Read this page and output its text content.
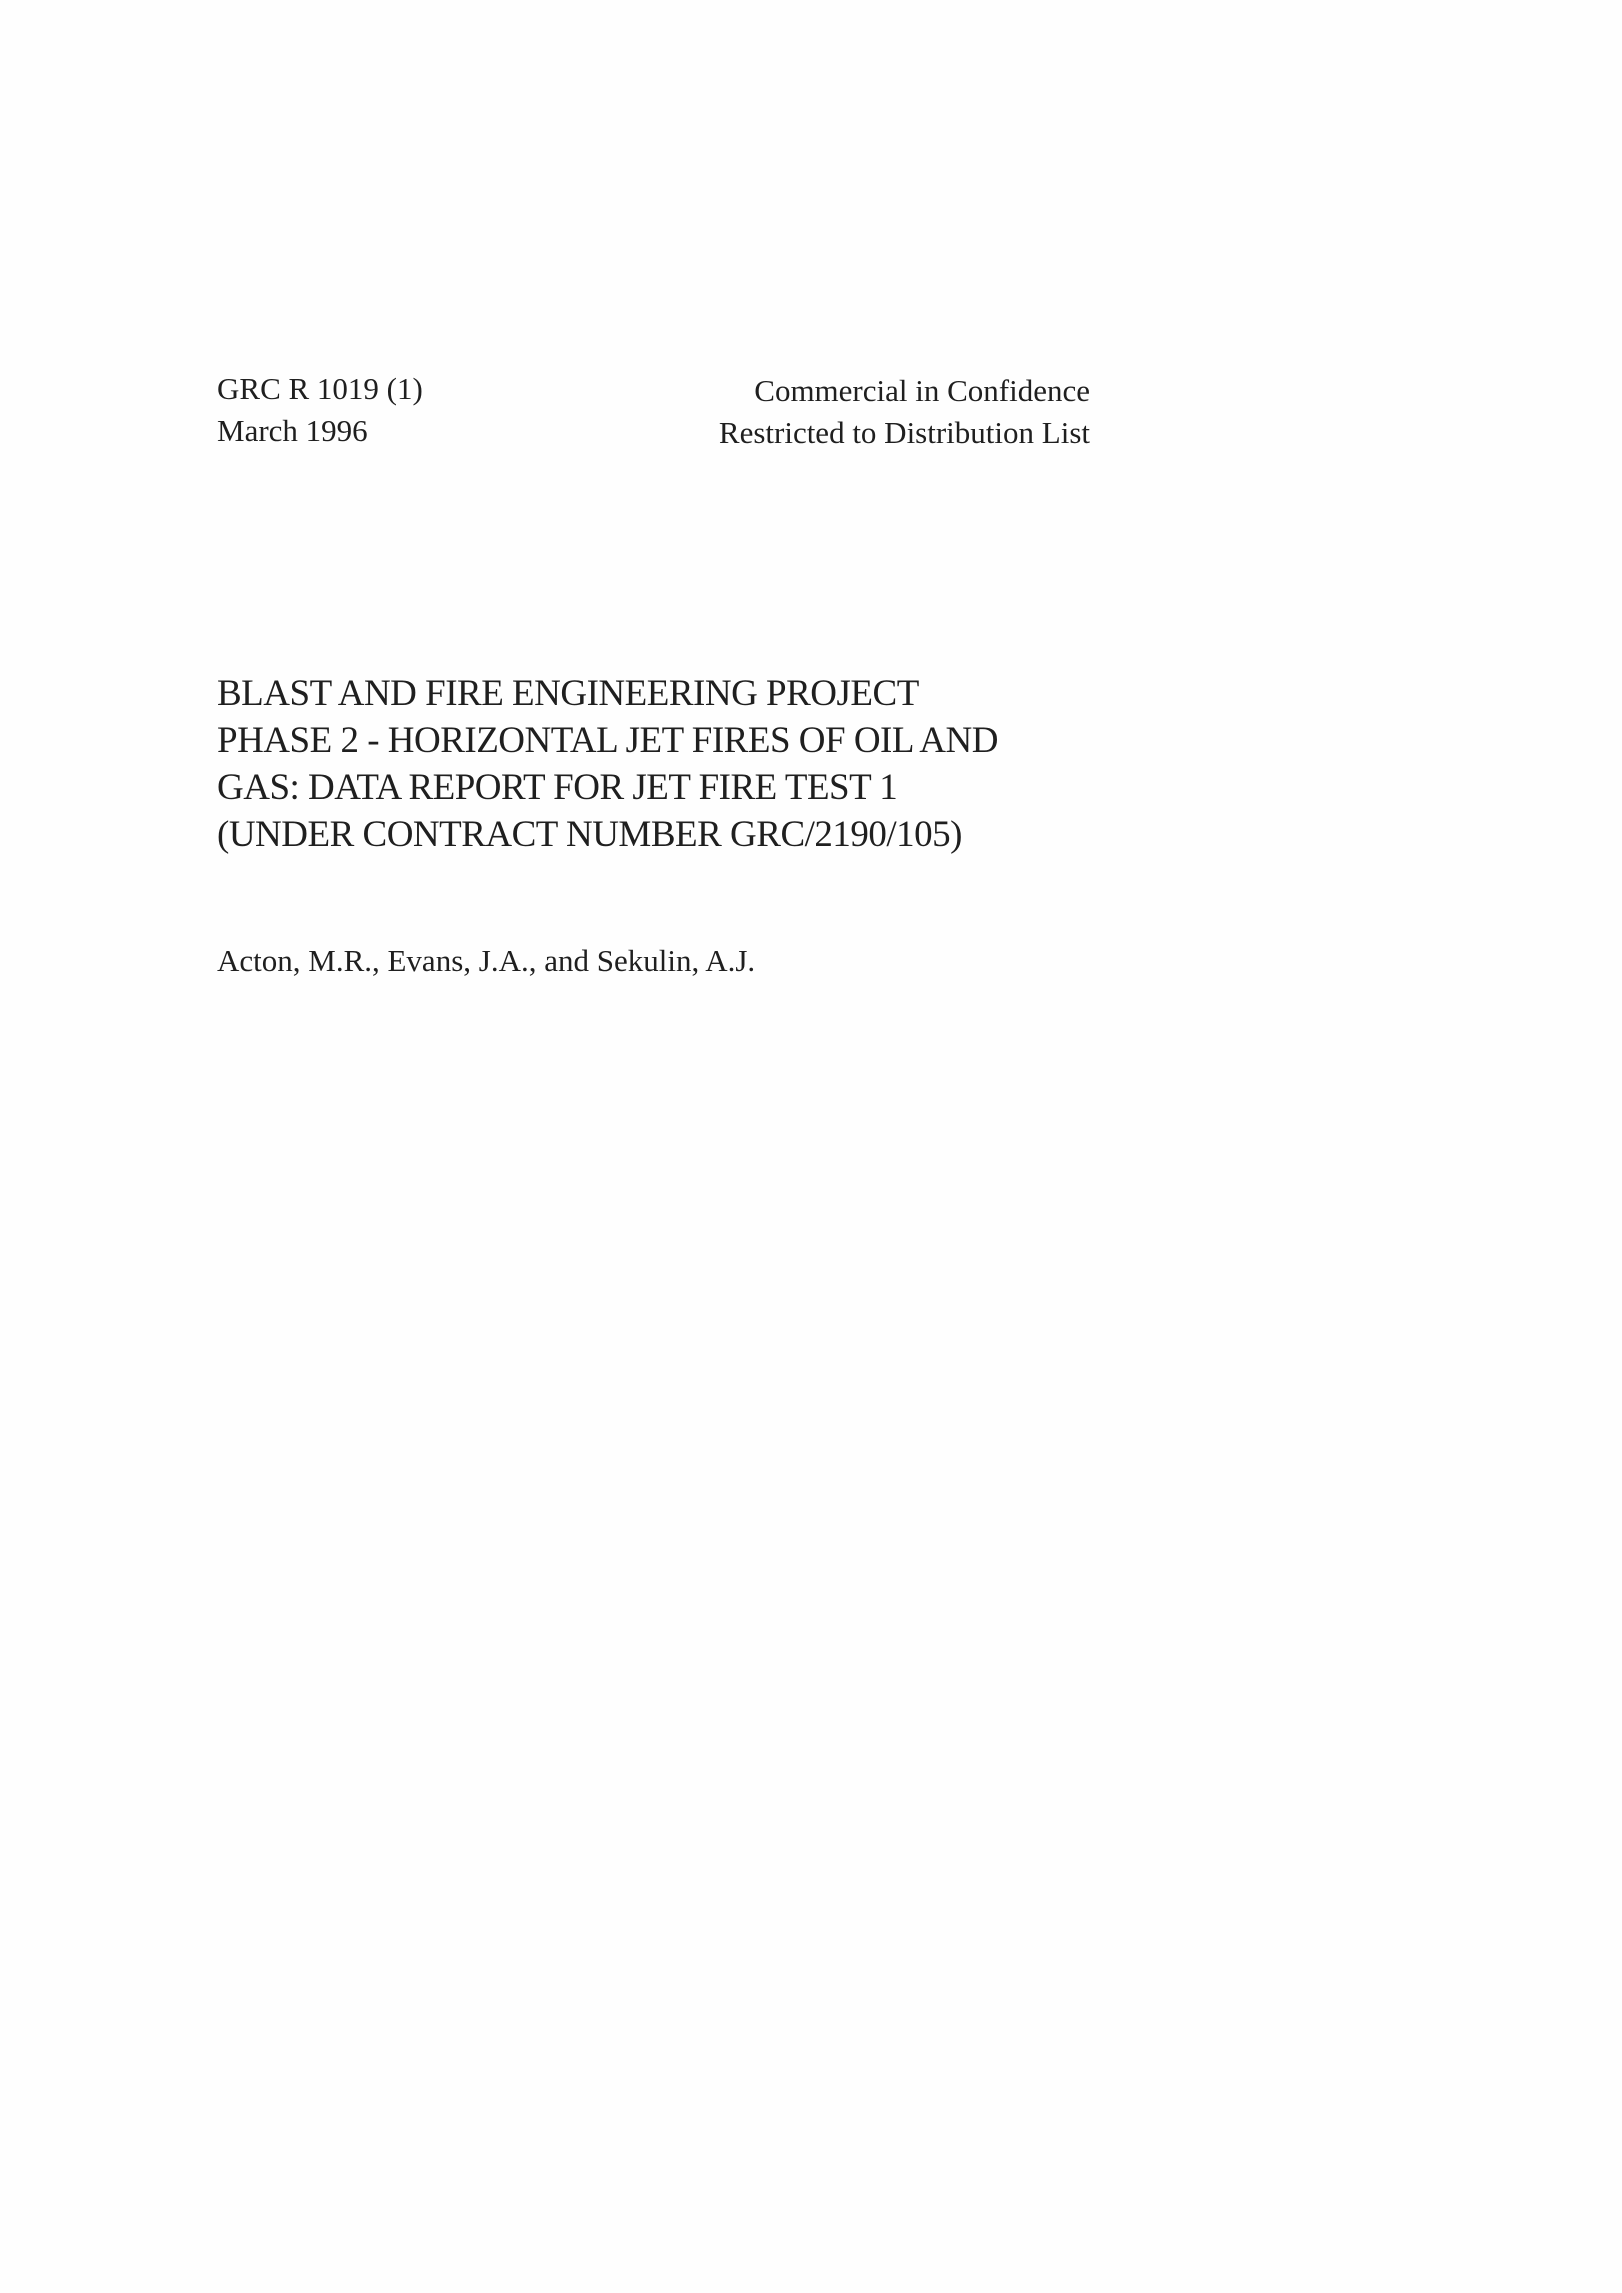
GRC R 1019 (1)
March 1996
Commercial in Confidence
Restricted to Distribution List
BLAST AND FIRE ENGINEERING PROJECT
PHASE 2 - HORIZONTAL JET FIRES OF OIL AND
GAS: DATA REPORT FOR JET FIRE TEST 1
(UNDER CONTRACT NUMBER GRC/2190/105)
Acton, M.R., Evans, J.A., and Sekulin, A.J.
